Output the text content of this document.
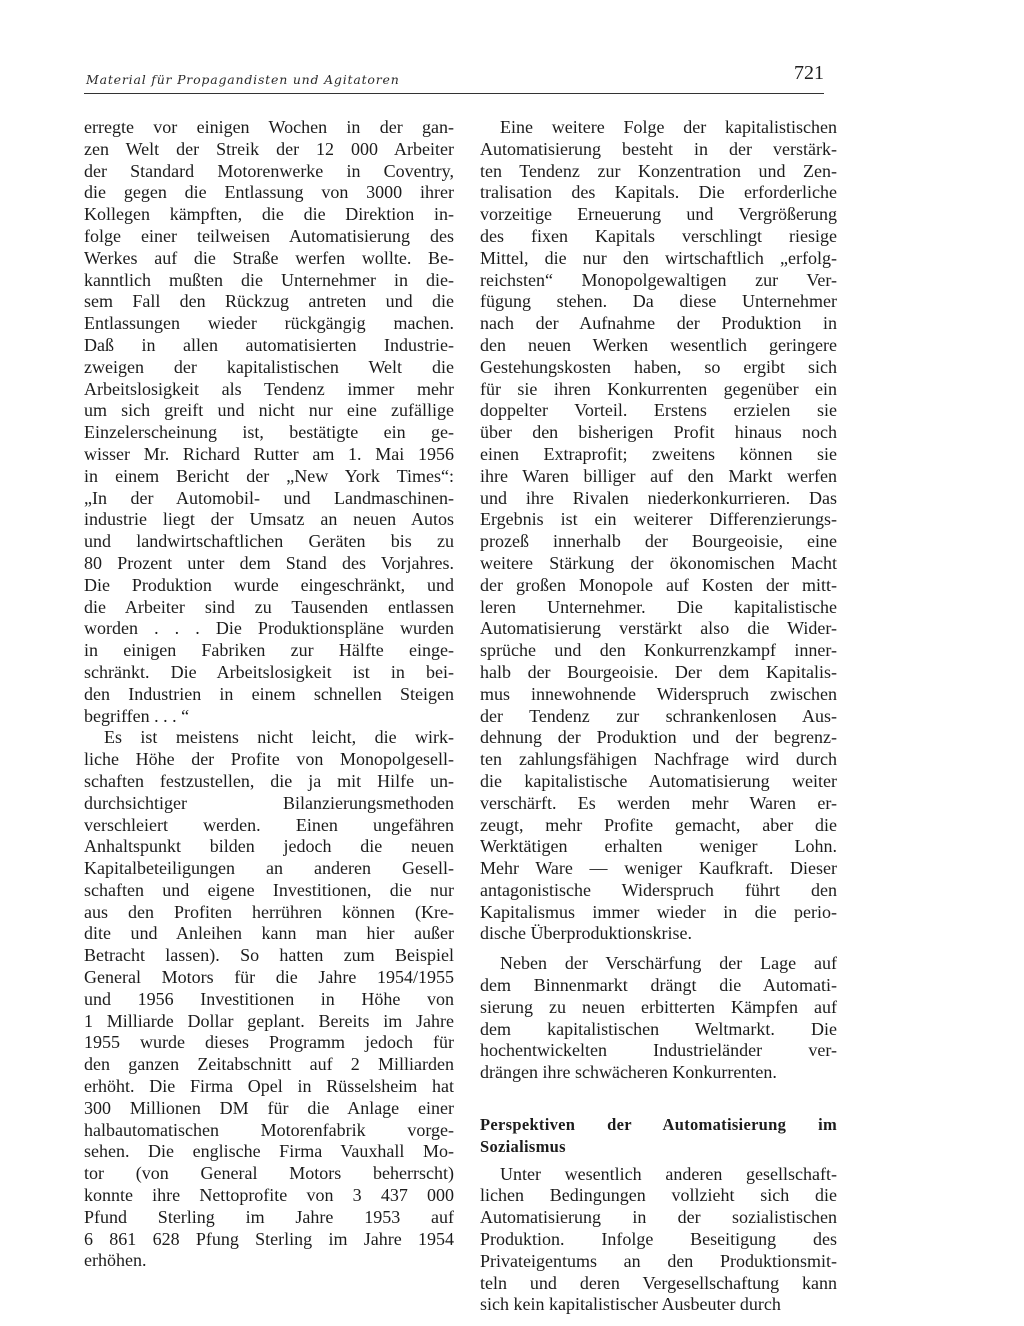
Material für Propagandisten und Agitatoren	721
erregte vor einigen Wochen in der gan-
zen Welt der Streik der 12 000 Arbeiter
der Standard Motorenwerke in Coventry,
die gegen die Entlassung von 3000 ihrer
Kollegen kämpften, die die Direktion in-
folge einer teilweisen Automatisierung des
Werkes auf die Straße werfen wollte. Be-
kanntlich mußten die Unternehmer in die-
sem Fall den Rückzug antreten und die
Entlassungen wieder rückgängig machen.
Daß in allen automatisierten Industrie-
zweigen der kapitalistischen Welt die
Arbeitslosigkeit als Tendenz immer mehr
um sich greift und nicht nur eine zufällige
Einzelerscheinung ist, bestätigte ein ge-
wisser Mr. Richard Rutter am 1. Mai 1956
in einem Bericht der „New York Times“:
„In der Automobil- und Landmaschinen-
industrie liegt der Umsatz an neuen Autos
und landwirtschaftlichen Geräten bis zu
80 Prozent unter dem Stand des Vorjahres.
Die Produktion wurde eingeschränkt, und
die Arbeiter sind zu Tausenden entlassen
worden . . . Die Produktionspläne wurden
in einigen Fabriken zur Hälfte einge-
schränkt. Die Arbeitslosigkeit ist in bei-
den Industrien in einem schnellen Steigen
begriffen . . . “
Es ist meistens nicht leicht, die wirk-
liche Höhe der Profite von Monopolgesell-
schaften festzustellen, die ja mit Hilfe un-
durchsichtiger Bilanzierungsmethoden
verschleiert werden. Einen ungefähren
Anhaltspunkt bilden jedoch die neuen
Kapitalbeteiligungen an anderen Gesell-
schaften und eigene Investitionen, die nur
aus den Profiten herrühren können (Kre-
dite und Anleihen kann man hier außer
Betracht lassen). So hatten zum Beispiel
General Motors für die Jahre 1954/1955
und 1956 Investitionen in Höhe von
1 Milliarde Dollar geplant. Bereits im Jahre
1955 wurde dieses Programm jedoch für
den ganzen Zeitabschnitt auf 2 Milliarden
erhöht. Die Firma Opel in Rüsselsheim hat
300 Millionen DM für die Anlage einer
halbautomatischen Motorenfabrik vorge-
sehen. Die englische Firma Vauxhall Mo-
tor (von General Motors beherrscht)
konnte ihre Nettoprofite von 3 437 000
Pfund Sterling im Jahre 1953 auf
6 861 628 Pfung Sterling im Jahre 1954
erhöhen.
Eine weitere Folge der kapitalistischen
Automatisierung besteht in der verstärk-
ten Tendenz zur Konzentration und Zen-
tralisation des Kapitals. Die erforderliche
vorzeitige Erneuerung und Vergrößerung
des fixen Kapitals verschlingt riesige
Mittel, die nur den wirtschaftlich „erfolg-
reichsten“ Monopolgewaltigen zur Ver-
fügung stehen. Da diese Unternehmer
nach der Aufnahme der Produktion in
den neuen Werken wesentlich geringere
Gestehungskosten haben, so ergibt sich
für sie ihren Konkurrenten gegenüber ein
doppelter Vorteil. Erstens erzielen sie
über den bisherigen Profit hinaus noch
einen Extraprofit; zweitens können sie
ihre Waren billiger auf den Markt werfen
und ihre Rivalen niederkonkurrieren. Das
Ergebnis ist ein weiterer Differenzierungs-
prozeß innerhalb der Bourgeoisie, eine
weitere Stärkung der ökonomischen Macht
der großen Monopole auf Kosten der mitt-
leren Unternehmer. Die kapitalistische
Automatisierung verstärkt also die Wider-
sprüche und den Konkurrenzkampf inner-
halb der Bourgeoisie. Der dem Kapitalis-
mus innewohnende Widerspruch zwischen
der Tendenz zur schrankenlosen Aus-
dehnung der Produktion und der begrenz-
ten zahlungsfähigen Nachfrage wird durch
die kapitalistische Automatisierung weiter
verschärft. Es werden mehr Waren er-
zeugt, mehr Profite gemacht, aber die
Werktätigen erhalten weniger Lohn.
Mehr Ware — weniger Kaufkraft. Dieser
antagonistische Widerspruch führt den
Kapitalismus immer wieder in die perio-
dische Überproduktionskrise.
Neben der Verschärfung der Lage auf
dem Binnenmarkt drängt die Automati-
sierung zu neuen erbitterten Kämpfen auf
dem kapitalistischen Weltmarkt. Die
hochentwickelten Industrieländer ver-
drängen ihre schwächeren Konkurrenten.
Perspektiven der Automatisierung im
Sozialismus
Unter wesentlich anderen gesellschaft-
lichen Bedingungen vollzieht sich die
Automatisierung in der sozialistischen
Produktion. Infolge Beseitigung des
Privateigentums an den Produktionsmit-
teln und deren Vergesellschaftung kann
sich kein kapitalistischer Ausbeuter durch
